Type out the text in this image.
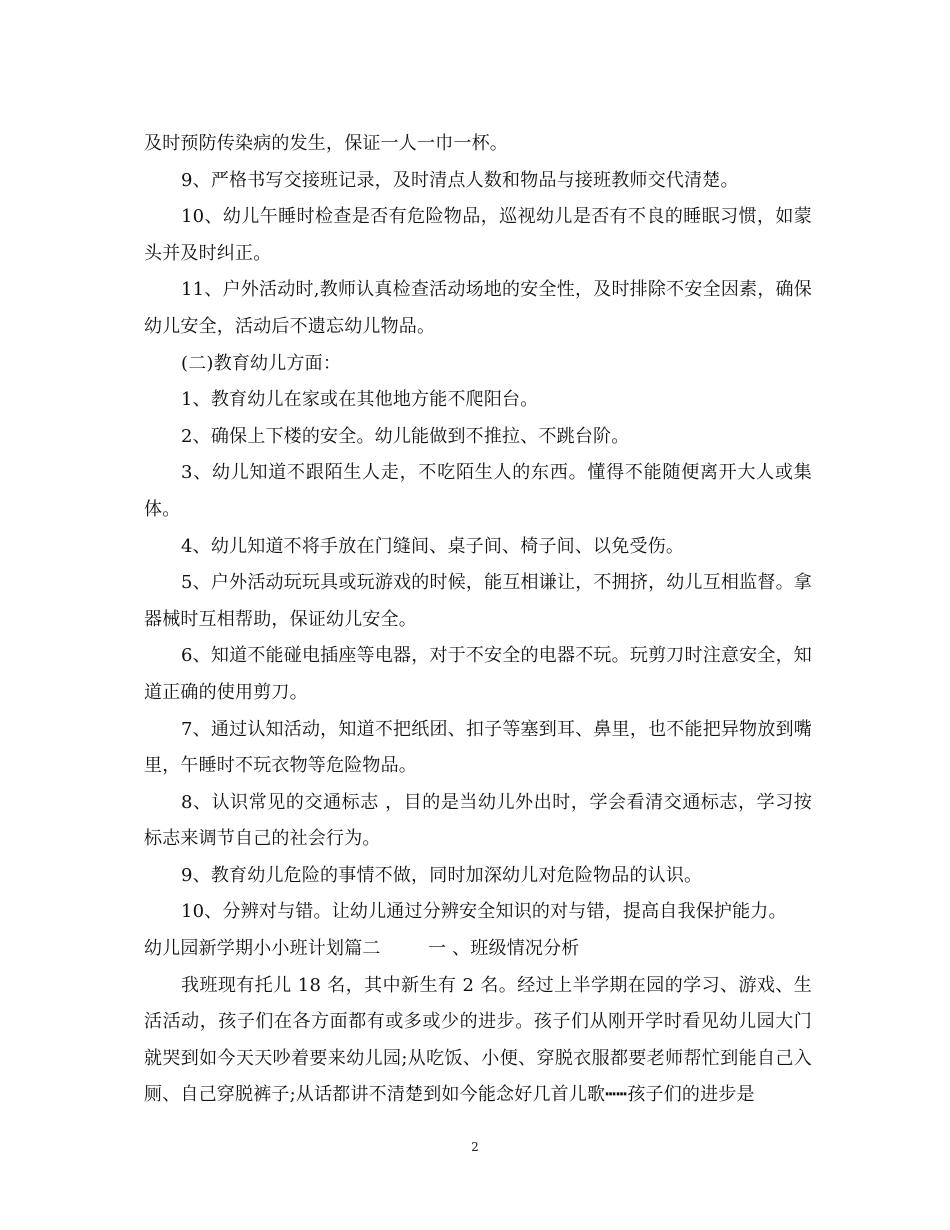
及时预防传染病的发生，保证一人一巾一杯。

9、严格书写交接班记录，及时清点人数和物品与接班教师交代清楚。

10、幼儿午睡时检查是否有危险物品，巡视幼儿是否有不良的睡眠习惯，如蒙头并及时纠正。

11、户外活动时,教师认真检查活动场地的安全性，及时排除不安全因素，确保幼儿安全，活动后不遗忘幼儿物品。

(二)教育幼儿方面：

1、教育幼儿在家或在其他地方能不爬阳台。

2、确保上下楼的安全。幼儿能做到不推拉、不跳台阶。

3、幼儿知道不跟陌生人走，不吃陌生人的东西。懂得不能随便离开大人或集体。

4、幼儿知道不将手放在门缝间、桌子间、椅子间、以免受伤。

5、户外活动玩玩具或玩游戏的时候，能互相谦让，不拥挤，幼儿互相监督。拿器械时互相帮助，保证幼儿安全。

6、知道不能碰电插座等电器，对于不安全的电器不玩。玩剪刀时注意安全，知道正确的使用剪刀。

7、通过认知活动，知道不把纸团、扣子等塞到耳、鼻里，也不能把异物放到嘴里，午睡时不玩衣物等危险物品。

8、认识常见的交通标志 ，目的是当幼儿外出时，学会看清交通标志，学习按标志来调节自己的社会行为。

9、教育幼儿危险的事情不做，同时加深幼儿对危险物品的认识。

10、分辨对与错。让幼儿通过分辨安全知识的对与错，提高自我保护能力。

幼儿园新学期小小班计划篇二        一 、班级情况分析

我班现有托儿 18 名，其中新生有 2 名。经过上半学期在园的学习、游戏、生活活动，孩子们在各方面都有或多或少的进步。孩子们从刚开学时看见幼儿园大门就哭到如今天天吵着要来幼儿园;从吃饭、小便、穿脱衣服都要老师帮忙到能自己入厕、自己穿脱裤子;从话都讲不清楚到如今能念好几首儿歌┅┅孩子们的进步是

2
